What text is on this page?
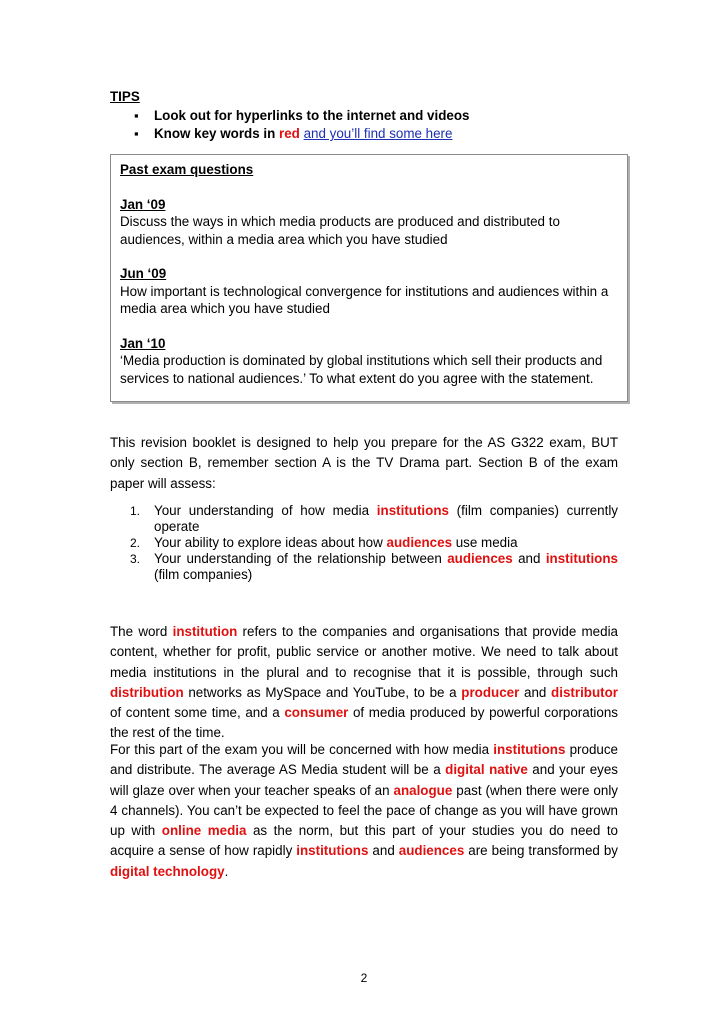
TIPS
▪ Look out for hyperlinks to the internet and videos
▪ Know key words in red and you’ll find some here
Past exam questions
Jan ‘09
Discuss the ways in which media products are produced and distributed to audiences, within a media area which you have studied
Jun ‘09
How important is technological convergence for institutions and audiences within a media area which you have studied
Jan ‘10
‘Media production is dominated by global institutions which sell their products and services to national audiences.’ To what extent do you agree with the statement.
This revision booklet is designed to help you prepare for the AS G322 exam, BUT only section B, remember section A is the TV Drama part. Section B of the exam paper will assess:
1. Your understanding of how media institutions (film companies) currently operate
2. Your ability to explore ideas about how audiences use media
3. Your understanding of the relationship between audiences and institutions (film companies)
The word institution refers to the companies and organisations that provide media content, whether for profit, public service or another motive. We need to talk about media institutions in the plural and to recognise that it is possible, through such distribution networks as MySpace and YouTube, to be a producer and distributor of content some time, and a consumer of media produced by powerful corporations the rest of the time.
For this part of the exam you will be concerned with how media institutions produce and distribute. The average AS Media student will be a digital native and your eyes will glaze over when your teacher speaks of an analogue past (when there were only 4 channels). You can’t be expected to feel the pace of change as you will have grown up with online media as the norm, but this part of your studies you do need to acquire a sense of how rapidly institutions and audiences are being transformed by digital technology.
2
